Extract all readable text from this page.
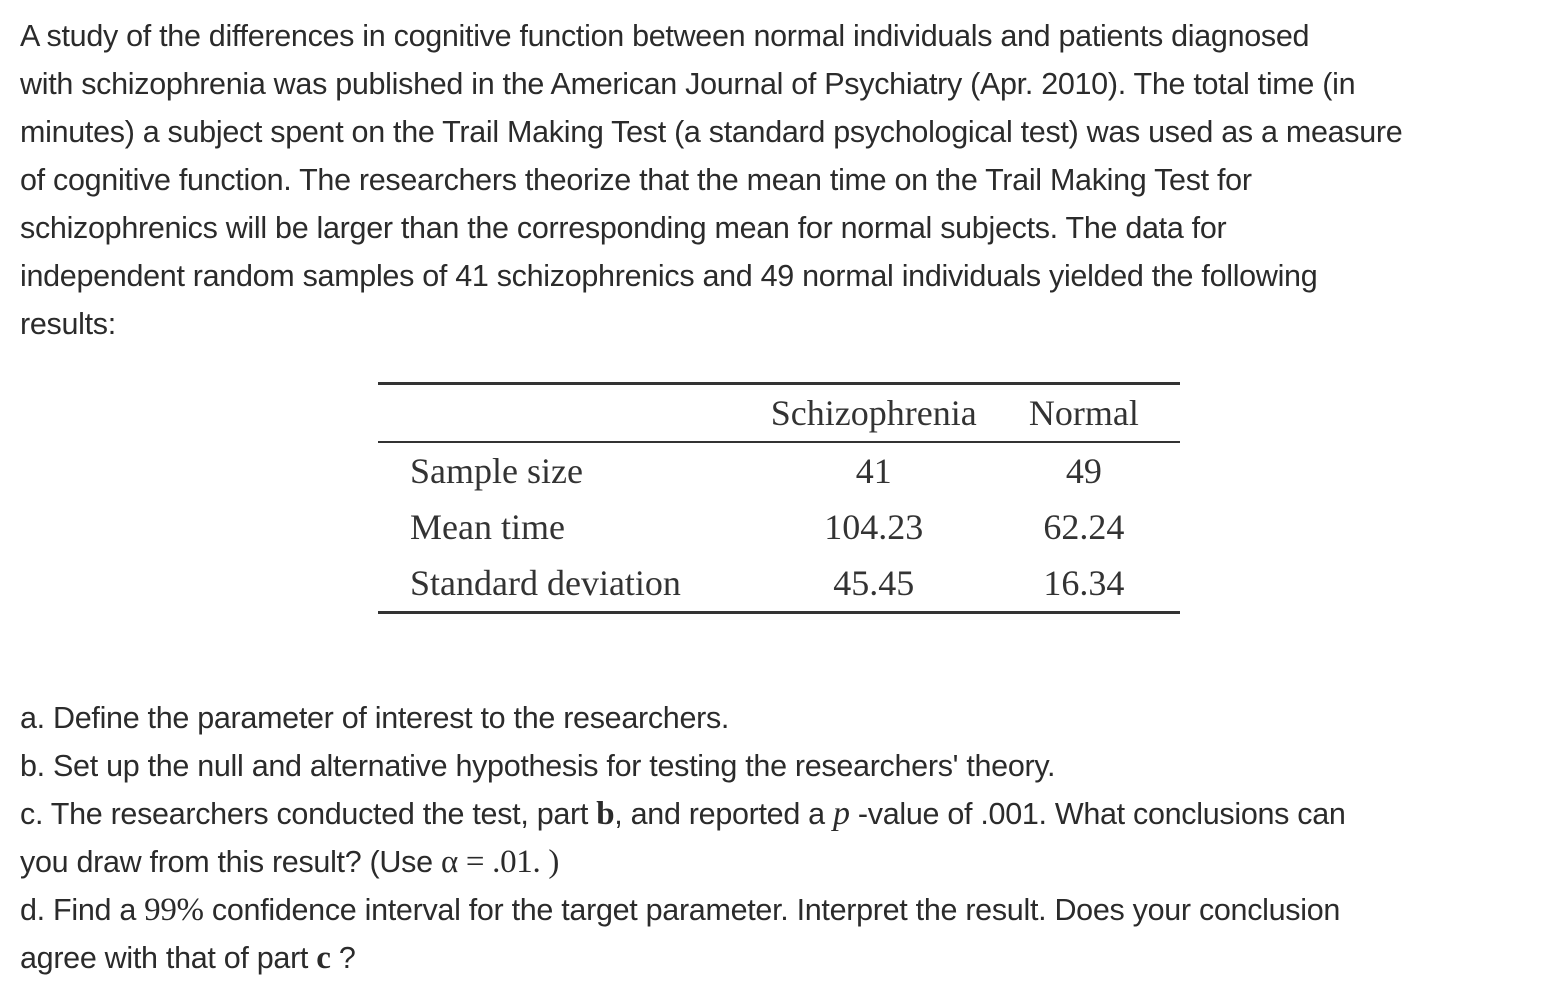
A study of the differences in cognitive function between normal individuals and patients diagnosed
with schizophrenia was published in the American Journal of Psychiatry (Apr. 2010). The total time (in
minutes) a subject spent on the Trail Making Test (a standard psychological test) was used as a measure
of cognitive function. The researchers theorize that the mean time on the Trail Making Test for
schizophrenics will be larger than the corresponding mean for normal subjects. The data for
independent random samples of 41 schizophrenics and 49 normal individuals yielded the following
results:
	Schizophrenia	Normal
Sample size	41	49
Mean time	104.23	62.24
Standard deviation	45.45	16.34
a. Define the parameter of interest to the researchers.
b. Set up the null and alternative hypothesis for testing the researchers' theory.
c. The researchers conducted the test, part b, and reported a p -value of .001. What conclusions can
you draw from this result? (Use α = .01. )
d. Find a 99% confidence interval for the target parameter. Interpret the result. Does your conclusion
agree with that of part c ?
